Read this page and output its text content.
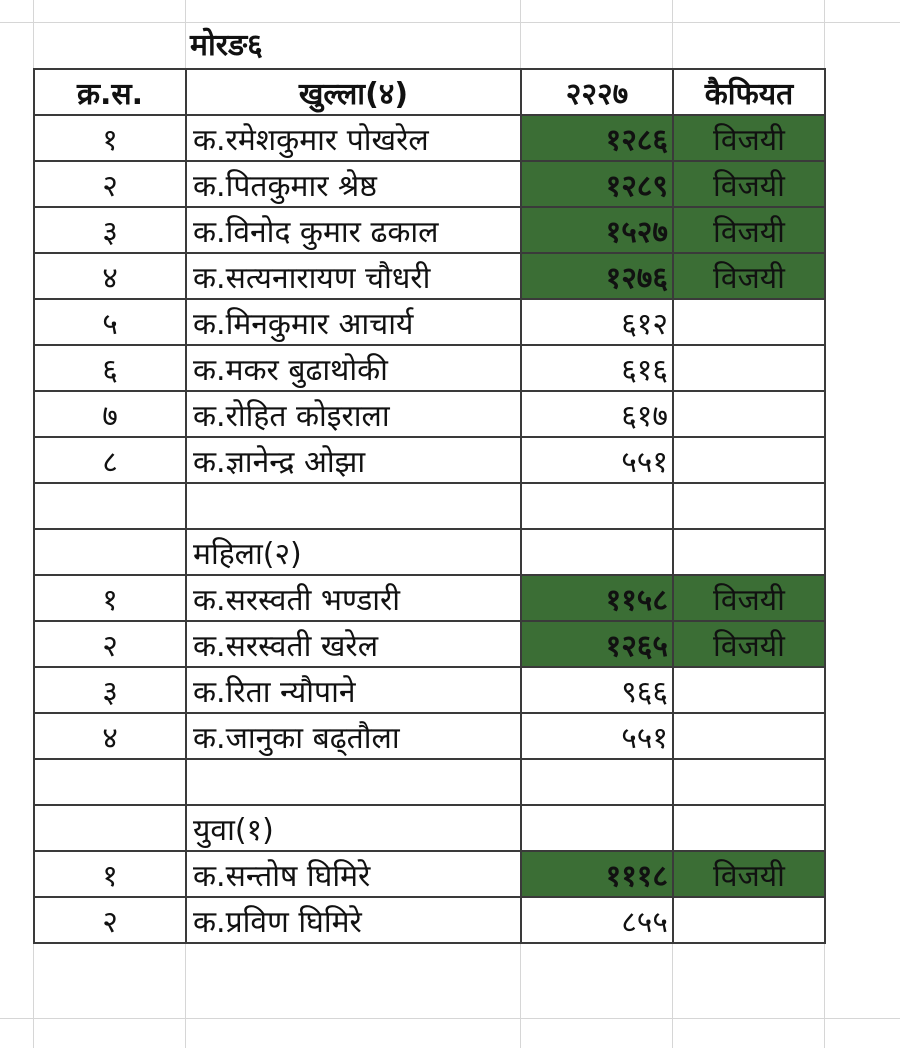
मोरङ६
क्र.स.	खुल्ला(४)	२२२७	कैफियत
१	क.रमेशकुमार पोखरेल	१२८६	विजयी
२	क.पितकुमार श्रेष्ठ	१२८९	विजयी
३	क.विनोद कुमार ढकाल	१५२७	विजयी
४	क.सत्यनारायण चौधरी	१२७६	विजयी
५	क.मिनकुमार आचार्य	६१२	
६	क.मकर बुढाथोकी	६१६	
७	क.रोहित कोइराला	६१७	
८	क.ज्ञानेन्द्र ओझा	५५१	

	महिला(२)		
१	क.सरस्वती भण्डारी	११५८	विजयी
२	क.सरस्वती खरेल	१२६५	विजयी
३	क.रिता न्यौपाने	९६६	
४	क.जानुका बढ्तौला	५५१	

	युवा(१)		
१	क.सन्तोष घिमिरे	१११८	विजयी
२	क.प्रविण घिमिरे	८५५	
